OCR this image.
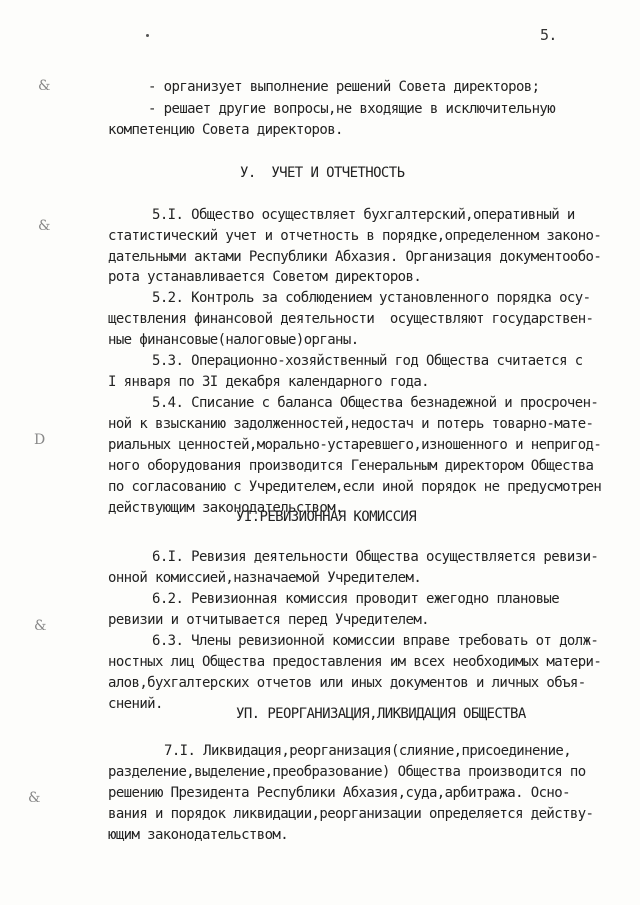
5.
&
&
D
&
&
- организует выполнение решений Совета директоров;
- решает другие вопросы,не входящие в исключительную
компетенцию Совета директоров.
У.  УЧЕТ И ОТЧЕТНОСТЬ
5.I. Общество осуществляет бухгалтерский,оперативный и
статистический учет и отчетность в порядке,определенном законо-
дательными актами Республики Абхазия. Организация документообо-
рота устанавливается Советом директоров.
5.2. Контроль за соблюдением установленного порядка осу-
ществления финансовой деятельности  осуществляют государствен-
ные финансовые(налоговые)органы.
5.3. Операционно-хозяйственный год Общества считается с
I января по 3I декабря календарного года.
5.4. Списание с баланса Общества безнадежной и просрочен-
ной к взысканию задолженностей,недостач и потерь товарно-мате-
риальных ценностей,морально-устаревшего,изношенного и непригод-
ного оборудования производится Генеральным директором Общества
по согласованию с Учредителем,если иной порядок не предусмотрен
действующим законодательством.
УI.РЕВИЗИОННАЯ КОМИССИЯ
6.I. Ревизия деятельности Общества осуществляется ревизи-
онной комиссией,назначаемой Учредителем.
6.2. Ревизионная комиссия проводит ежегодно плановые
ревизии и отчитывается перед Учредителем.
6.3. Члены ревизионной комиссии вправе требовать от долж-
ностных лиц Общества предоставления им всех необходимых матери-
алов,бухгалтерских отчетов или иных документов и личных объя-
снений.
УП. РЕОРГАНИЗАЦИЯ,ЛИКВИДАЦИЯ ОБЩЕСТВА
7.I. Ликвидация,реорганизация(слияние,присоединение,
разделение,выделение,преобразование) Общества производится по
решению Президента Республики Абхазия,суда,арбитража. Осно-
вания и порядок ликвидации,реорганизации определяется действу-
ющим законодательством.
